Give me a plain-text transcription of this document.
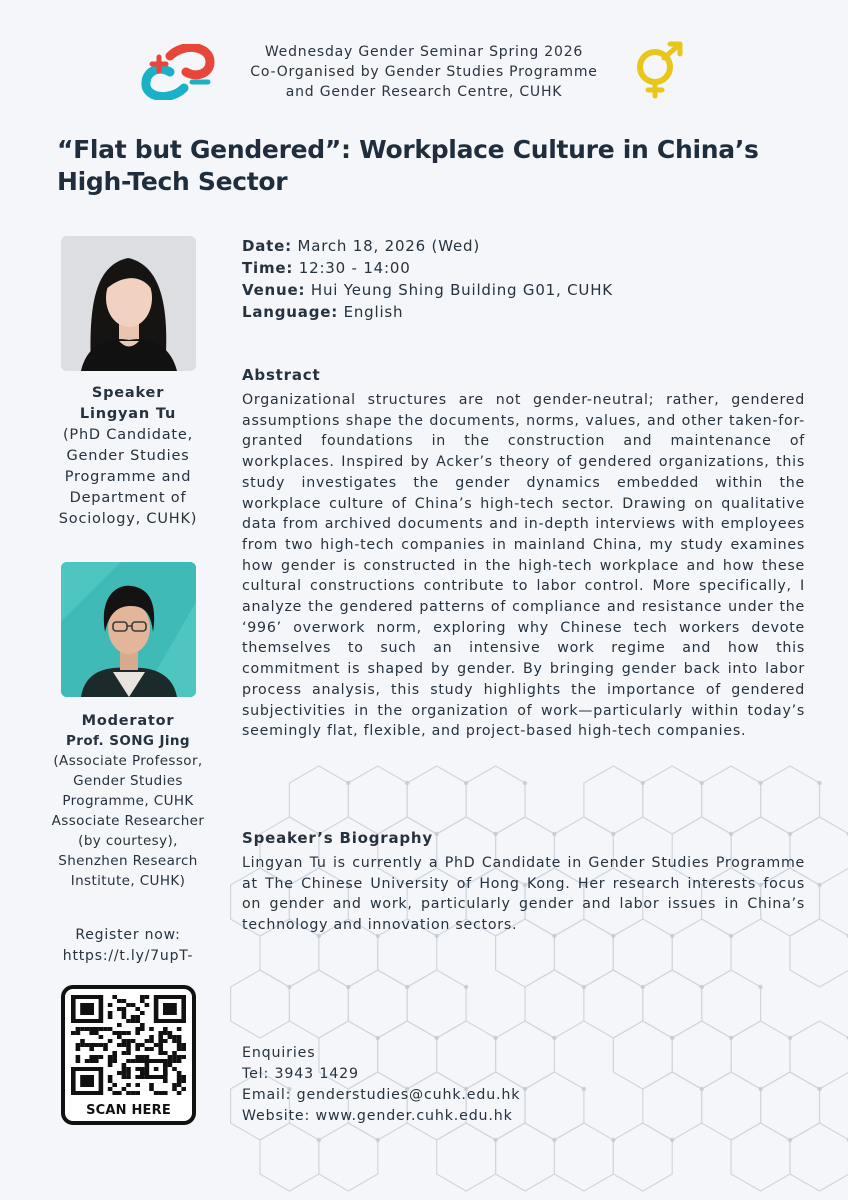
Wednesday Gender Seminar Spring 2026
Co-Organised by Gender Studies Programme
and Gender Research Centre, CUHK
“Flat but Gendered”: Workplace Culture in China’s High-Tech Sector
Speaker
Lingyan Tu
(PhD Candidate,
Gender Studies
Programme and
Department of
Sociology, CUHK)
Moderator
Prof. SONG Jing
(Associate Professor,
Gender Studies
Programme, CUHK
Associate Researcher
(by courtesy),
Shenzhen Research
Institute, CUHK)
Register now:
https://t.ly/7upT-
SCAN HERE
Date: March 18, 2026 (Wed)
Time: 12:30 - 14:00
Venue: Hui Yeung Shing Building G01, CUHK
Language: English
Abstract
Organizational structures are not gender-neutral; rather, gendered assumptions shape the documents, norms, values, and other taken-for-granted foundations in the construction and maintenance of workplaces. Inspired by Acker’s theory of gendered organizations, this study investigates the gender dynamics embedded within the workplace culture of China’s high-tech sector. Drawing on qualitative data from archived documents and in-depth interviews with employees from two high-tech companies in mainland China, my study examines how gender is constructed in the high-tech workplace and how these cultural constructions contribute to labor control. More specifically, I analyze the gendered patterns of compliance and resistance under the ‘996’ overwork norm, exploring why Chinese tech workers devote themselves to such an intensive work regime and how this commitment is shaped by gender. By bringing gender back into labor process analysis, this study highlights the importance of gendered subjectivities in the organization of work—particularly within today’s seemingly flat, flexible, and project-based high-tech companies.
Speaker’s Biography
Lingyan Tu is currently a PhD Candidate in Gender Studies Programme at The Chinese University of Hong Kong. Her research interests focus on gender and work, particularly gender and labor issues in China’s technology and innovation sectors.
Enquiries
Tel: 3943 1429
Email: genderstudies@cuhk.edu.hk
Website: www.gender.cuhk.edu.hk
